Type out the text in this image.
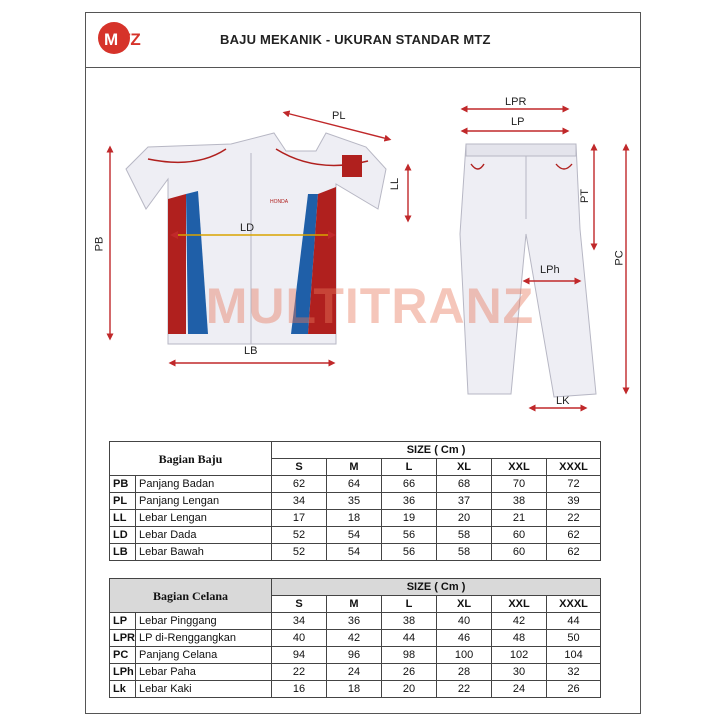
M TZ	BAJU MEKANIK - UKURAN STANDAR MTZ
HONDA
MULTITRANZ
PL
LL
PB
LD
LB
LPR
LP
PT
PC
LPh
LK
Bagian Baju		SIZE ( Cm )					
		S	M	L	XL	XXL	XXXL
PB	Panjang Badan	62	64	66	68	70	72
PL	Panjang Lengan	34	35	36	37	38	39
LL	Lebar Lengan	17	18	19	20	21	22
LD	Lebar Dada	52	54	56	58	60	62
LB	Lebar Bawah	52	54	56	58	60	62
Bagian Celana		SIZE ( Cm )					
		S	M	L	XL	XXL	XXXL
LP	Lebar Pinggang	34	36	38	40	42	44
LPR	LP di-Renggangkan	40	42	44	46	48	50
PC	Panjang Celana	94	96	98	100	102	104
LPh	Lebar Paha	22	24	26	28	30	32
Lk	Lebar Kaki	16	18	20	22	24	26
